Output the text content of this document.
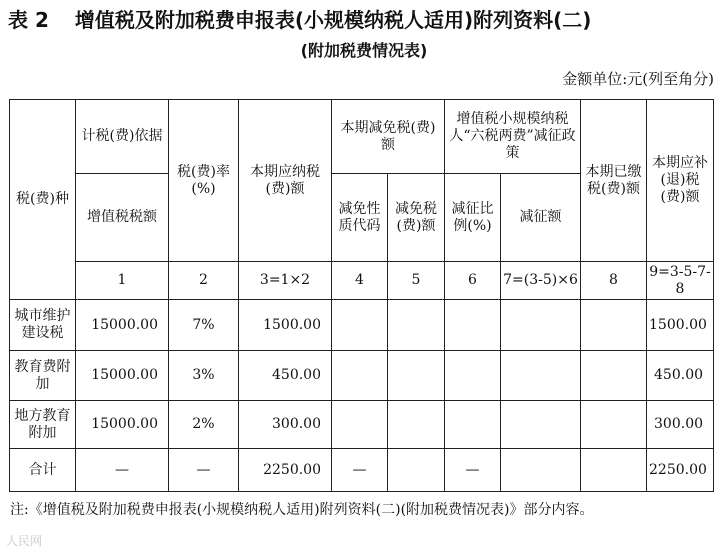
表 2 增值税及附加税费申报表(小规模纳税人适用)附列资料(二)
(附加税费情况表)
金额单位:元(列至角分)
税(费)种	计税(费)依据	税(费)率(%)	本期应纳税(费)额	本期减免税(费)额		增值税小规模纳税人“六税两费”减征政策		本期已缴税(费)额	本期应补(退)税(费)额
	增值税税额			减免性质代码	减免税(费)额	减征比例(%)	减征额		
	1	2	3=1×2	4	5	6	7=(3-5)×6	8	9=3-5-7-8
城市维护建设税	15000.00	7%	1500.00						1500.00
教育费附加	15000.00	3%	450.00						450.00
地方教育附加	15000.00	2%	300.00						300.00
合计	—	—	2250.00	—		—			2250.00
注:《增值税及附加税费申报表(小规模纳税人适用)附列资料(二)(附加税费情况表)》部分内容。
人民网
